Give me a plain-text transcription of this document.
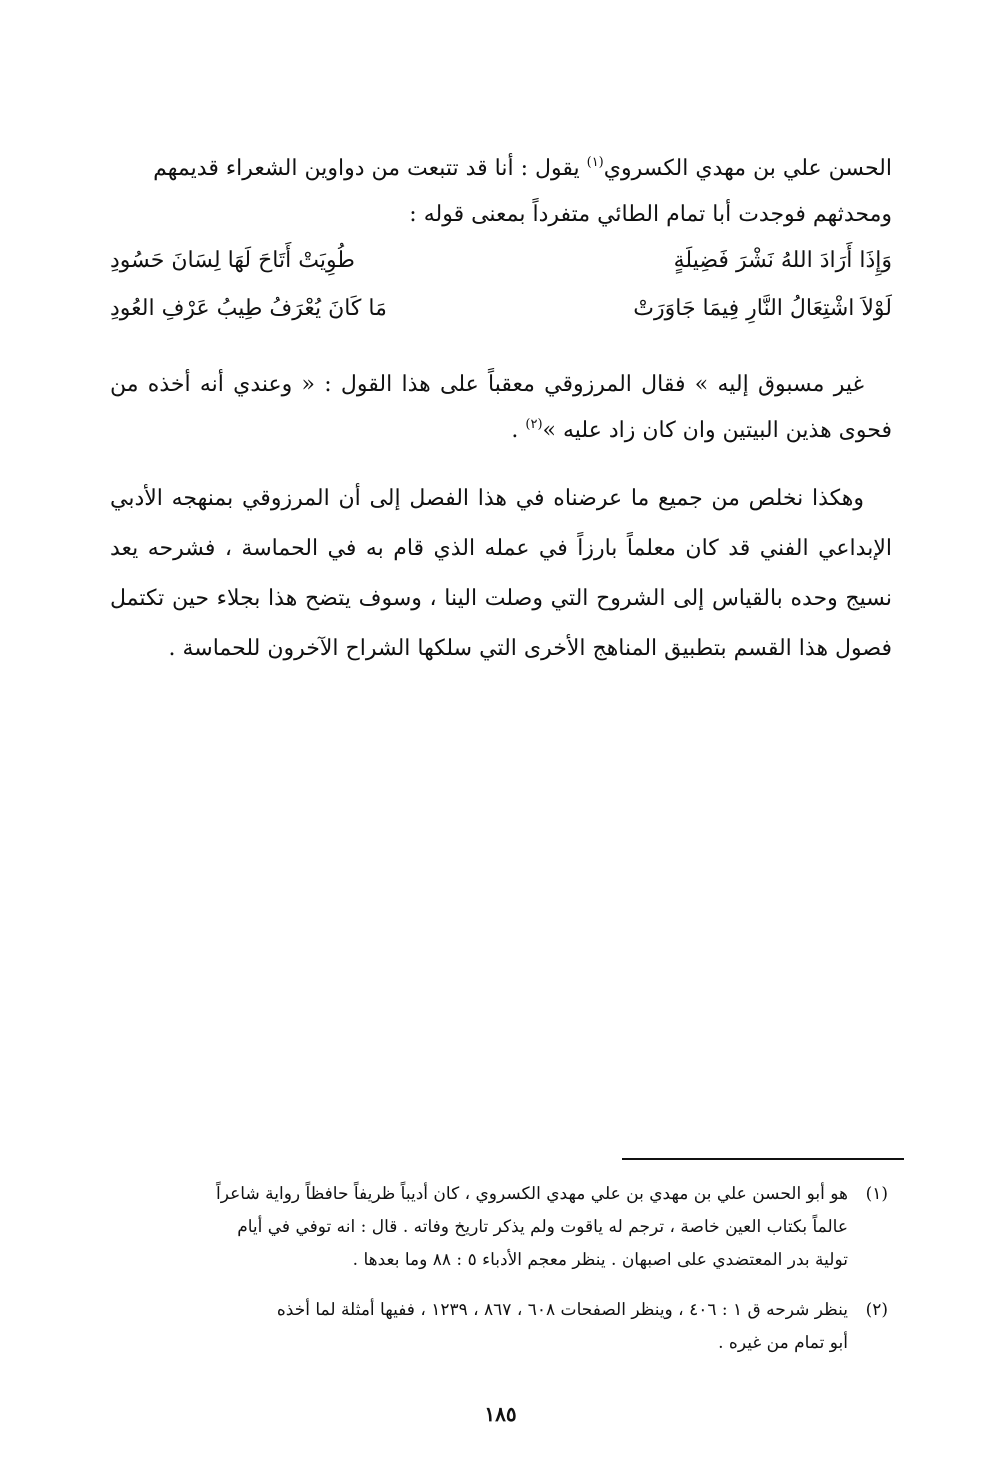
الحسن علي بن مهدي الكسروي$^{(١)}$ يقول : أنا قد تتبعت من دواوين الشعراء قديمهم
ومحدثهم فوجدت أبا تمام الطائي متفرداً بمعنى قوله :
وَإِذَا أَرَادَ اللهُ نَشْرَ فَضِيلَةٍ
طُوِيَتْ أَتَاحَ لَهَا لِسَانَ حَسُودِ
لَوْلاَ اشْتِعَالُ النَّارِ فِيمَا جَاوَرَتْ
مَا كَانَ يُعْرَفُ طِيبُ عَرْفِ العُودِ
غير مسبوق إليه » فقال المرزوقي معقباً على هذا القول : « وعندي أنه أخذه من فحوى هذين البيتين وان كان زاد عليه »$^{(٢)}$ .
وهكذا نخلص من جميع ما عرضناه في هذا الفصل إلى أن المرزوقي بمنهجه الأدبي الإبداعي الفني قد كان معلماً بارزاً في عمله الذي قام به في الحماسة ، فشرحه يعد نسيج وحده بالقياس إلى الشروح التي وصلت الينا ، وسوف يتضح هذا بجلاء حين تكتمل فصول هذا القسم بتطبيق المناهج الأخرى التي سلكها الشراح الآخرون للحماسة .
(١)هو أبو الحسن علي بن مهدي بن علي مهدي الكسروي ، كان أديباً ظريفاً حافظاً رواية شاعراً
عالماً بكتاب العين خاصة ، ترجم له ياقوت ولم يذكر تاريخ وفاته . قال : انه توفي في أيام
تولية بدر المعتضدي على اصبهان . ينظر معجم الأدباء ٥ : ٨٨ وما بعدها .
(٢)ينظر شرحه ق ١ : ٤٠٦ ، وينظر الصفحات ٦٠٨ ، ٨٦٧ ، ١٢٣٩ ، ففيها أمثلة لما أخذه
أبو تمام من غيره .
١٨٥
